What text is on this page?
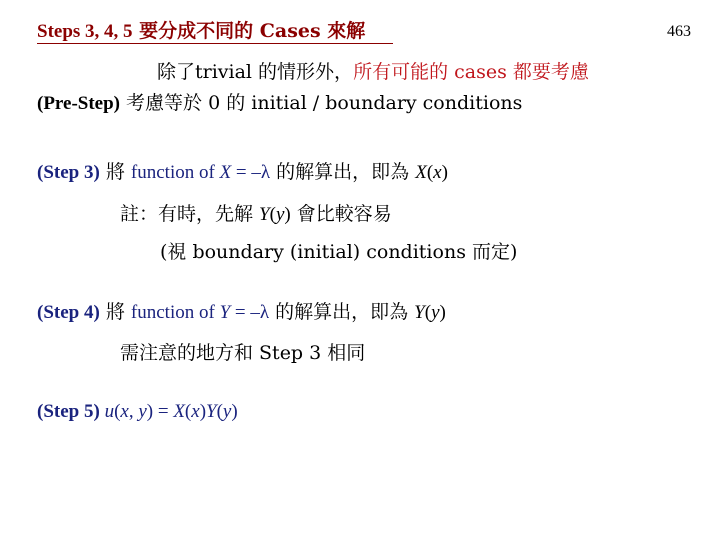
Steps 3, 4, 5 要分成不同的 Cases 來解	463
除了trivial 的情形外，所有可能的 cases 都要考慮
(Pre-Step) 考慮等於 0 的 initial / boundary conditions
(Step 3) 將 function of X = –λ 的解算出，即為 X(x)
註：有時，先解 Y(y) 會比較容易
(視 boundary (initial) conditions 而定)
(Step 4) 將 function of Y = –λ 的解算出，即為 Y(y)
需注意的地方和 Step 3 相同
(Step 5) u(x, y) = X(x)Y(y)
